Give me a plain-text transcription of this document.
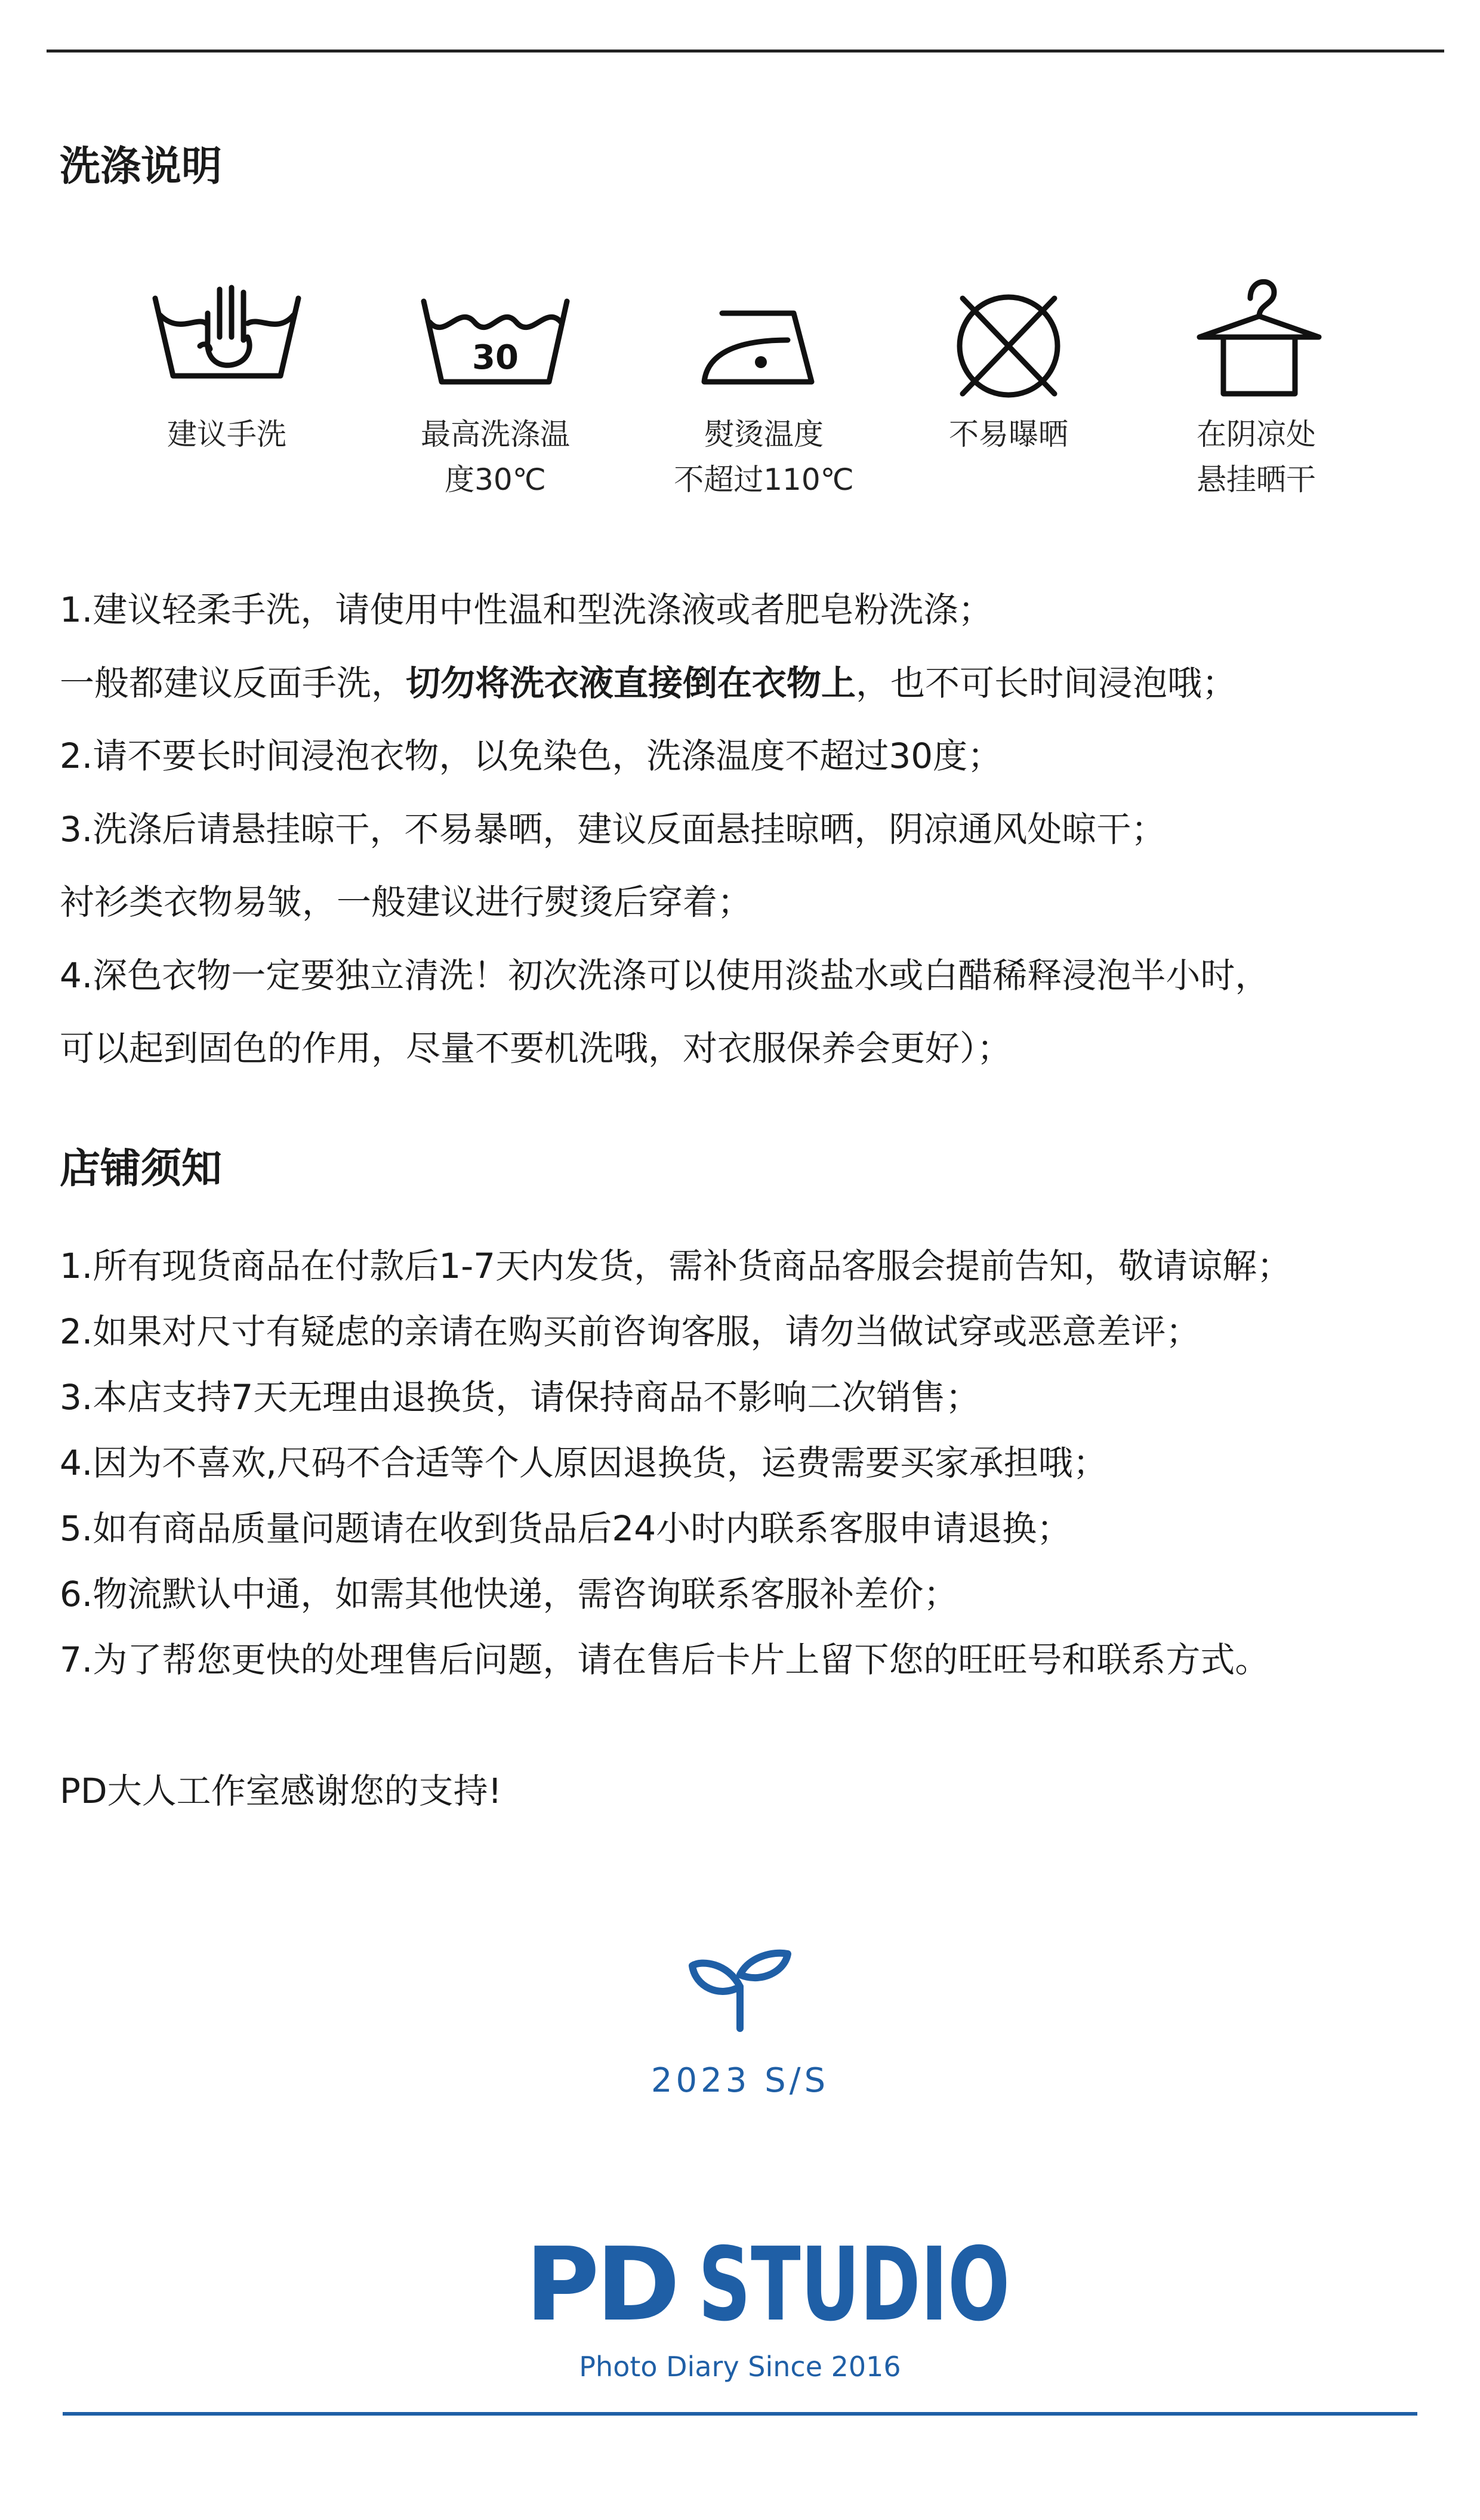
洗涤说明
建议手洗
30
最高洗涤温
度30℃
熨烫温度
不超过110℃
不易曝晒	在阴凉处
悬挂晒干
1.建议轻柔手洗，请使用中性温和型洗涤液或者肥皂粉洗涤；
一般都建议反面手洗，切勿将洗衣液直接倒在衣物上，也不可长时间浸泡哦；
2.请不要长时间浸泡衣物，以免染色，洗涤温度不超过30度；
3.洗涤后请悬挂晾干，不易暴晒，建议反面悬挂晾晒，阴凉通风处晾干；
衬衫类衣物易皱，一般建议进行熨烫后穿着；
4.深色衣物一定要独立清洗！初次洗涤可以使用淡盐水或白醋稀释浸泡半小时，
可以起到固色的作用，尽量不要机洗哦，对衣服保养会更好）；
店铺须知
1.所有现货商品在付款后1-7天内发货，需补货商品客服会提前告知，敬请谅解；
2.如果对尺寸有疑虑的亲请在购买前咨询客服，请勿当做试穿或恶意差评；
3.本店支持7天无理由退换货，请保持商品不影响二次销售；
4.因为不喜欢,尺码不合适等个人原因退换货，运费需要买家承担哦；
5.如有商品质量问题请在收到货品后24小时内联系客服申请退换；
6.物流默认中通，如需其他快递，需咨询联系客服补差价；
7.为了帮您更快的处理售后问题，请在售后卡片上留下您的旺旺号和联系方式。
PD大人工作室感谢您的支持!
2023 S/S
PD STUDIO
Photo Diary Since 2016
